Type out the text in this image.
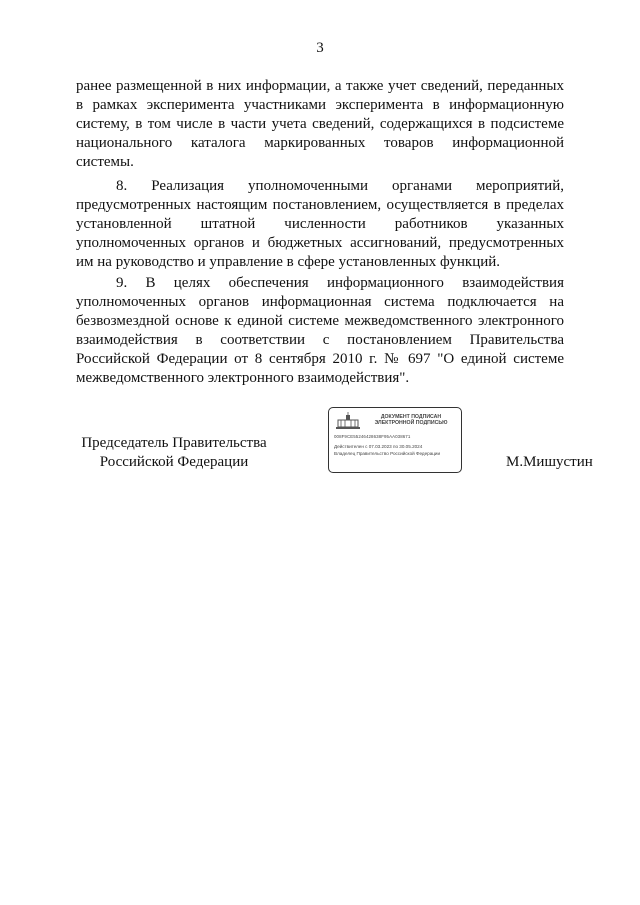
3
ранее размещенной в них информации, а также учет сведений, переданных
в рамках эксперимента участниками эксперимента в информационную
систему, в том числе в части учета сведений, содержащихся в подсистеме
национального каталога маркированных товаров информационной
системы.
8. Реализация уполномоченными органами мероприятий,
предусмотренных настоящим постановлением, осуществляется в пределах
установленной штатной численности работников указанных
уполномоченных органов и бюджетных ассигнований, предусмотренных
им на руководство и управление в сфере установленных функций.
9. В целях обеспечения информационного взаимодействия
уполномоченных органов информационная система подключается на
безвозмездной основе к единой системе межведомственного электронного
взаимодействия в соответствии с постановлением Правительства
Российской Федерации от 8 сентября 2010 г. № 697 "О единой системе
межведомственного электронного взаимодействия".
Председатель Правительства
Российской Федерации
ДОКУМЕНТ ПОДПИСАН
ЭЛЕКТРОННОЙ ПОДПИСЬЮ
008F9CE55246428638F95AA038671
Действителен с 07.03.2023 по 30.05.2024
Владелец Правительство Российской Федерации
М.Мишустин
